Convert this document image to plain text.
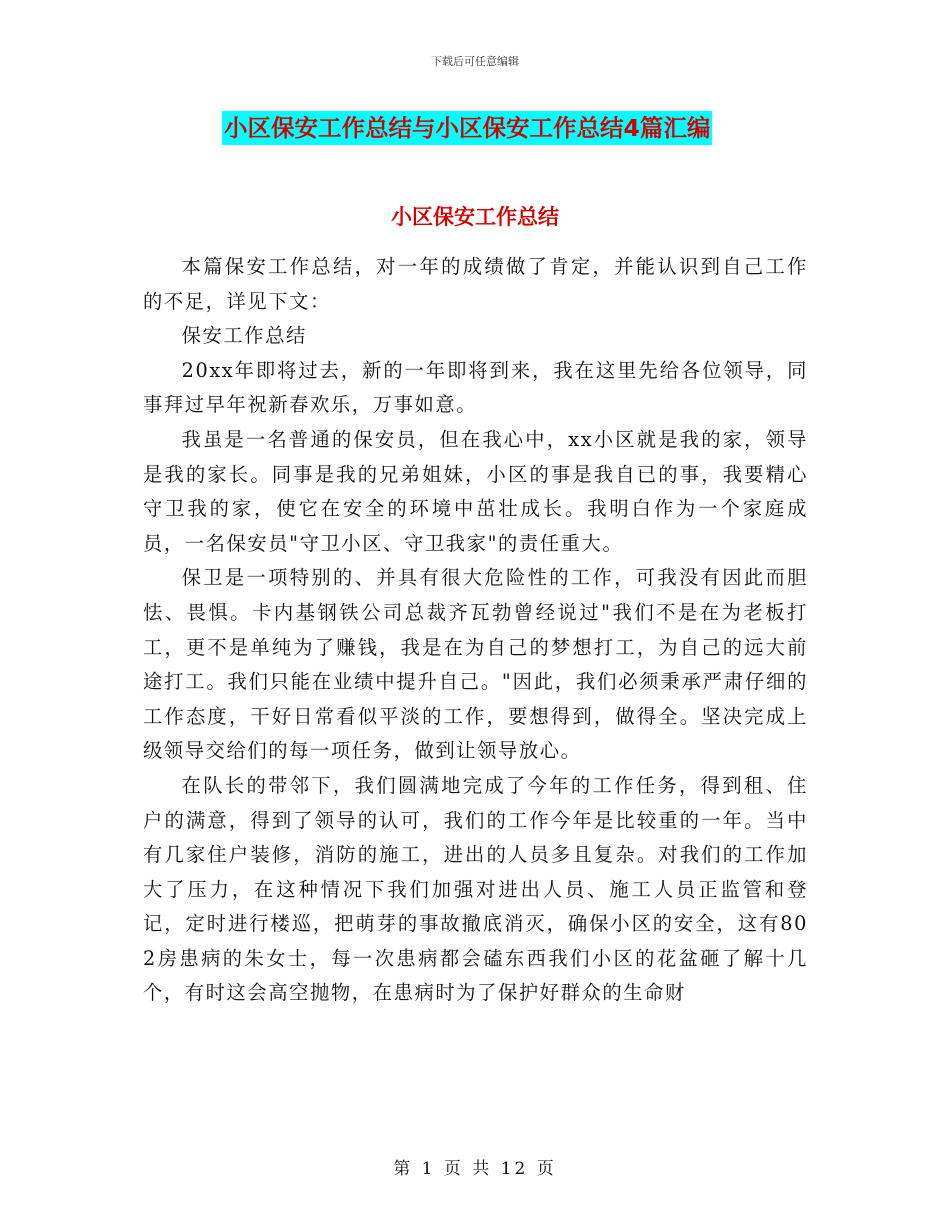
下载后可任意编辑
小区保安工作总结与小区保安工作总结4篇汇编
小区保安工作总结

本篇保安工作总结，对一年的成绩做了肯定，并能认识到自己工作的不足，详见下文：

保安工作总结

20xx年即将过去，新的一年即将到来，我在这里先给各位领导，同事拜过早年祝新春欢乐，万事如意。

我虽是一名普通的保安员，但在我心中，xx小区就是我的家，领导是我的家长。同事是我的兄弟姐妹，小区的事是我自已的事，我要精心守卫我的家，使它在安全的环境中茁壮成长。我明白作为一个家庭成员，一名保安员"守卫小区、守卫我家"的责任重大。

保卫是一项特别的、并具有很大危险性的工作，可我没有因此而胆怯、畏惧。卡内基钢铁公司总裁齐瓦勃曾经说过"我们不是在为老板打工，更不是单纯为了赚钱，我是在为自己的梦想打工，为自己的远大前途打工。我们只能在业绩中提升自己。"因此，我们必须秉承严肃仔细的工作态度，干好日常看似平淡的工作，要想得到，做得全。坚决完成上级领导交给们的每一项任务，做到让领导放心。

在队长的带邻下，我们圆满地完成了今年的工作任务，得到租、住户的满意，得到了领导的认可，我们的工作今年是比较重的一年。当中有几家住户装修，消防的施工，进出的人员多且复杂。对我们的工作加大了压力，在这种情况下我们加强对进出人员、施工人员正监管和登记，定时进行楼巡，把萌芽的事故撤底消灭，确保小区的安全，这有802房患病的朱女士，每一次患病都会磕东西我们小区的花盆砸了解十几个，有时这会高空抛物，在患病时为了保护好群众的生命财

第 1 页 共 12 页
